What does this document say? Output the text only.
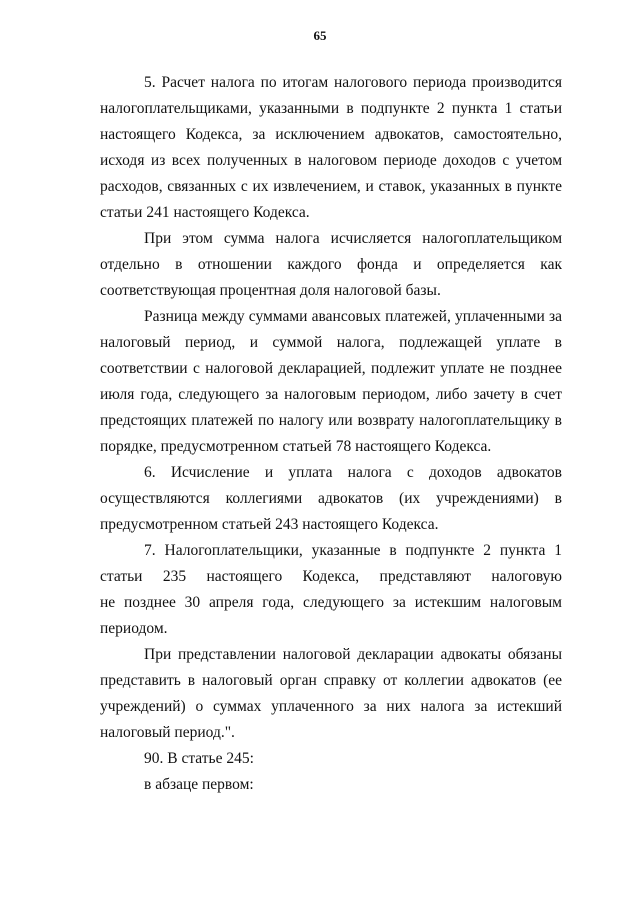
65
5. Расчет налога по итогам налогового периода производится
налогоплательщиками, указанными в подпункте 2 пункта 1 статьи
настоящего Кодекса, за исключением адвокатов, самостоятельно,
исходя из всех полученных в налоговом периоде доходов с учетом
расходов, связанных с их извлечением, и ставок, указанных в пункте
статьи 241 настоящего Кодекса.
При этом сумма налога исчисляется налогоплательщиком
отдельно в отношении каждого фонда и определяется как
соответствующая процентная доля налоговой базы.
Разница между суммами авансовых платежей, уплаченными за
налоговый период, и суммой налога, подлежащей уплате в
соответствии с налоговой декларацией, подлежит уплате не позднее
июля года, следующего за налоговым периодом, либо зачету в счет
предстоящих платежей по налогу или возврату налогоплательщику в
порядке, предусмотренном статьей 78 настоящего Кодекса.
6. Исчисление и уплата налога с доходов адвокатов
осуществляются коллегиями адвокатов (их учреждениями) в
предусмотренном статьей 243 настоящего Кодекса.
7. Налогоплательщики, указанные в подпункте 2 пункта 1
статьи 235 настоящего Кодекса, представляют налоговую
не позднее 30 апреля года, следующего за истекшим налоговым
периодом.
При представлении налоговой декларации адвокаты обязаны
представить в налоговый орган справку от коллегии адвокатов (ее
учреждений) о суммах уплаченного за них налога за истекший
налоговый период.".
90. В статье 245:
в абзаце первом:
